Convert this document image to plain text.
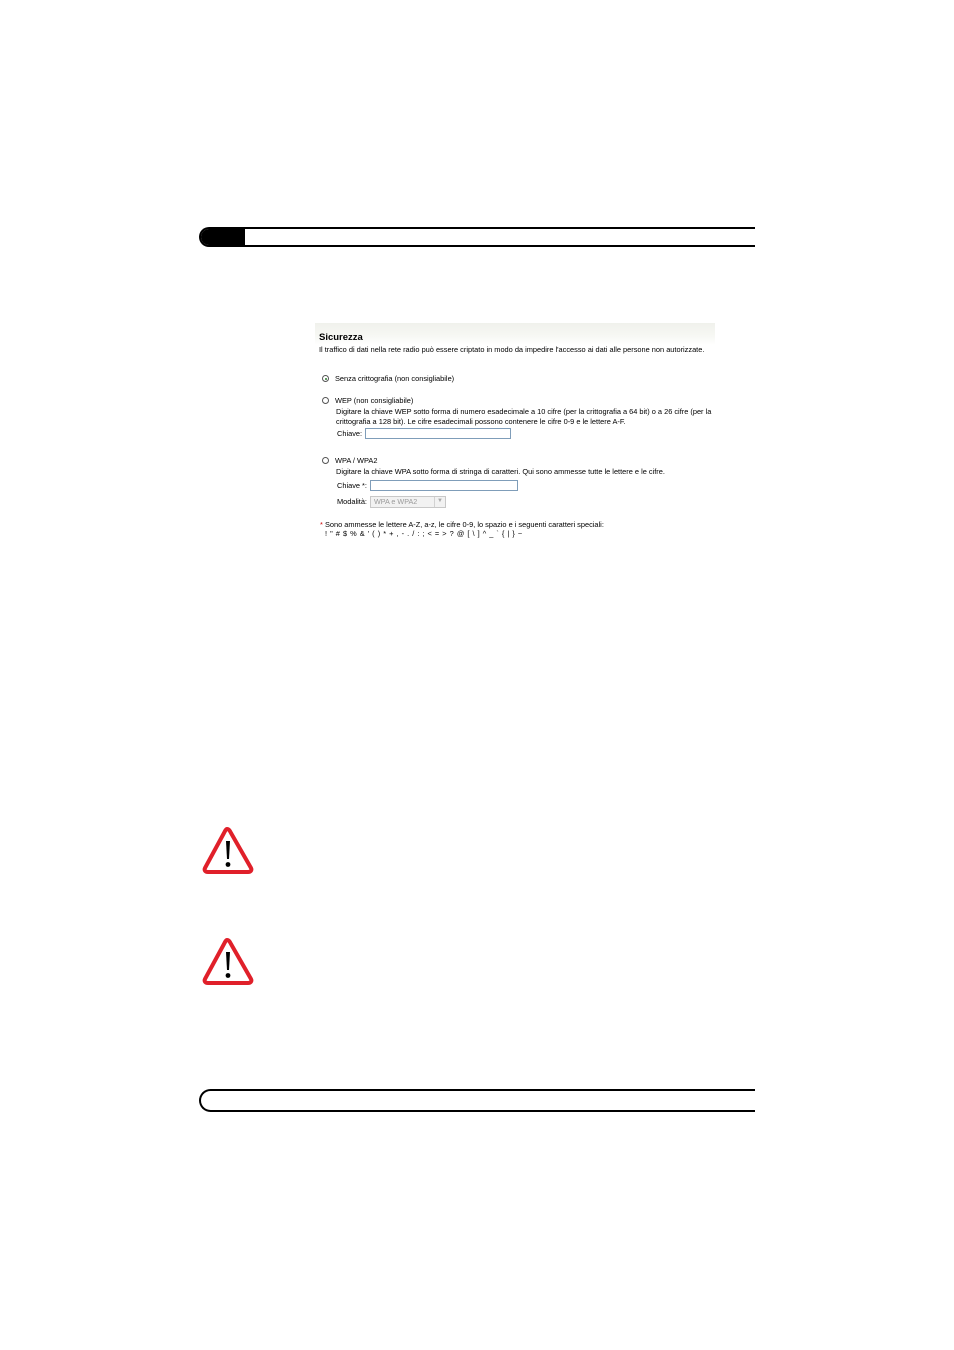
Sicurezza
Il traffico di dati nella rete radio può essere criptato in modo da impedire l'accesso ai dati alle persone non autorizzate.
Senza crittografia (non consigliabile)
WEP (non consigliabile)
Digitare la chiave WEP sotto forma di numero esadecimale a 10 cifre (per la crittografia a 64 bit) o a 26 cifre (per la crittografia a 128 bit). Le cifre esadecimali possono contenere le cifre 0-9 e le lettere A-F.
Chiave:
WPA / WPA2
Digitare la chiave WPA sotto forma di stringa di caratteri. Qui sono ammesse tutte le lettere e le cifre.
Chiave *:
Modalità: WPA e WPA2	▼
* Sono ammesse le lettere A-Z, a-z, le cifre 0-9, lo spazio e i seguenti caratteri speciali:
! " # $ % & ' ( ) * + , - . / : ; < = > ? @ [ \ ] ^ _ ` { | } ~
